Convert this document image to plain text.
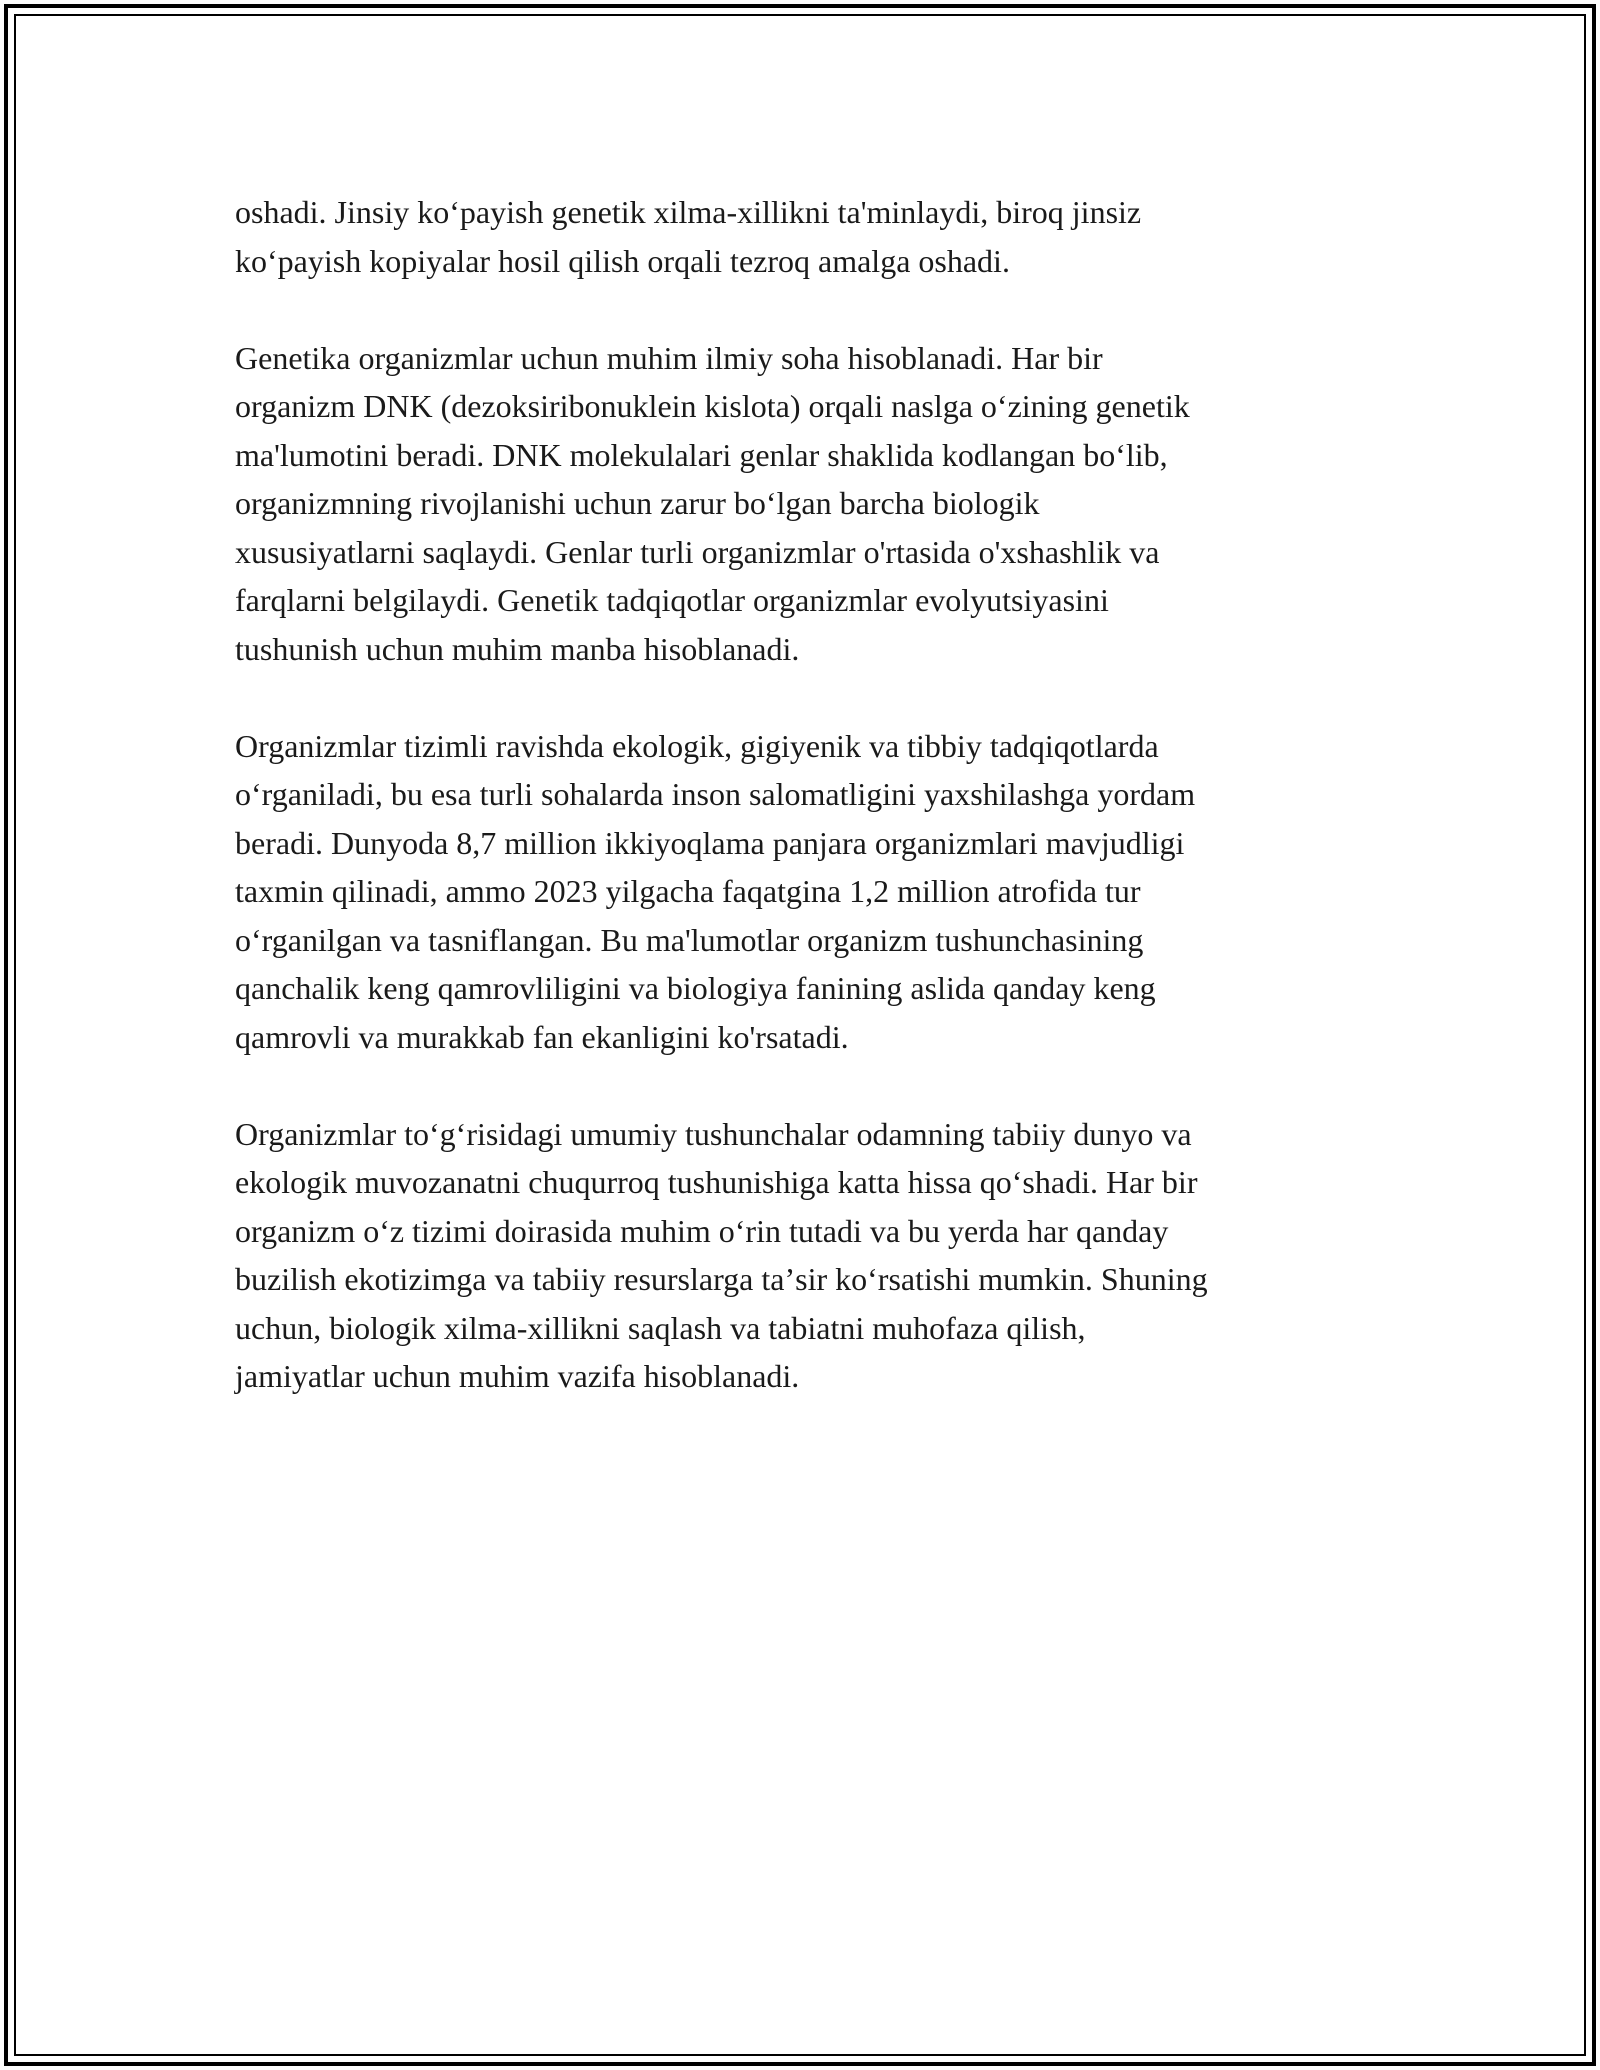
oshadi. Jinsiy koʻpayish genetik xilma-xillikni ta'minlaydi, biroq jinsiz
koʻpayish kopiyalar hosil qilish orqali tezroq amalga oshadi.

Genetika organizmlar uchun muhim ilmiy soha hisoblanadi. Har bir
organizm DNK (dezoksiribonuklein kislota) orqali naslga oʻzining genetik
ma'lumotini beradi. DNK molekulalari genlar shaklida kodlangan boʻlib,
organizmning rivojlanishi uchun zarur boʻlgan barcha biologik
xususiyatlarni saqlaydi. Genlar turli organizmlar o'rtasida o'xshashlik va
farqlarni belgilaydi. Genetik tadqiqotlar organizmlar evolyutsiyasini
tushunish uchun muhim manba hisoblanadi.

Organizmlar tizimli ravishda ekologik, gigiyenik va tibbiy tadqiqotlarda
oʻrganiladi, bu esa turli sohalarda inson salomatligini yaxshilashga yordam
beradi. Dunyoda 8,7 million ikkiyoqlama panjara organizmlari mavjudligi
taxmin qilinadi, ammo 2023 yilgacha faqatgina 1,2 million atrofida tur
oʻrganilgan va tasniflangan. Bu ma'lumotlar organizm tushunchasining
qanchalik keng qamrovliligini va biologiya fanining aslida qanday keng
qamrovli va murakkab fan ekanligini ko'rsatadi.

Organizmlar toʻgʻrisidagi umumiy tushunchalar odamning tabiiy dunyo va
ekologik muvozanatni chuqurroq tushunishiga katta hissa qoʻshadi. Har bir
organizm oʻz tizimi doirasida muhim oʻrin tutadi va bu yerda har qanday
buzilish ekotizimga va tabiiy resurslarga taʼsir koʻrsatishi mumkin. Shuning
uchun, biologik xilma-xillikni saqlash va tabiatni muhofaza qilish,
jamiyatlar uchun muhim vazifa hisoblanadi.
